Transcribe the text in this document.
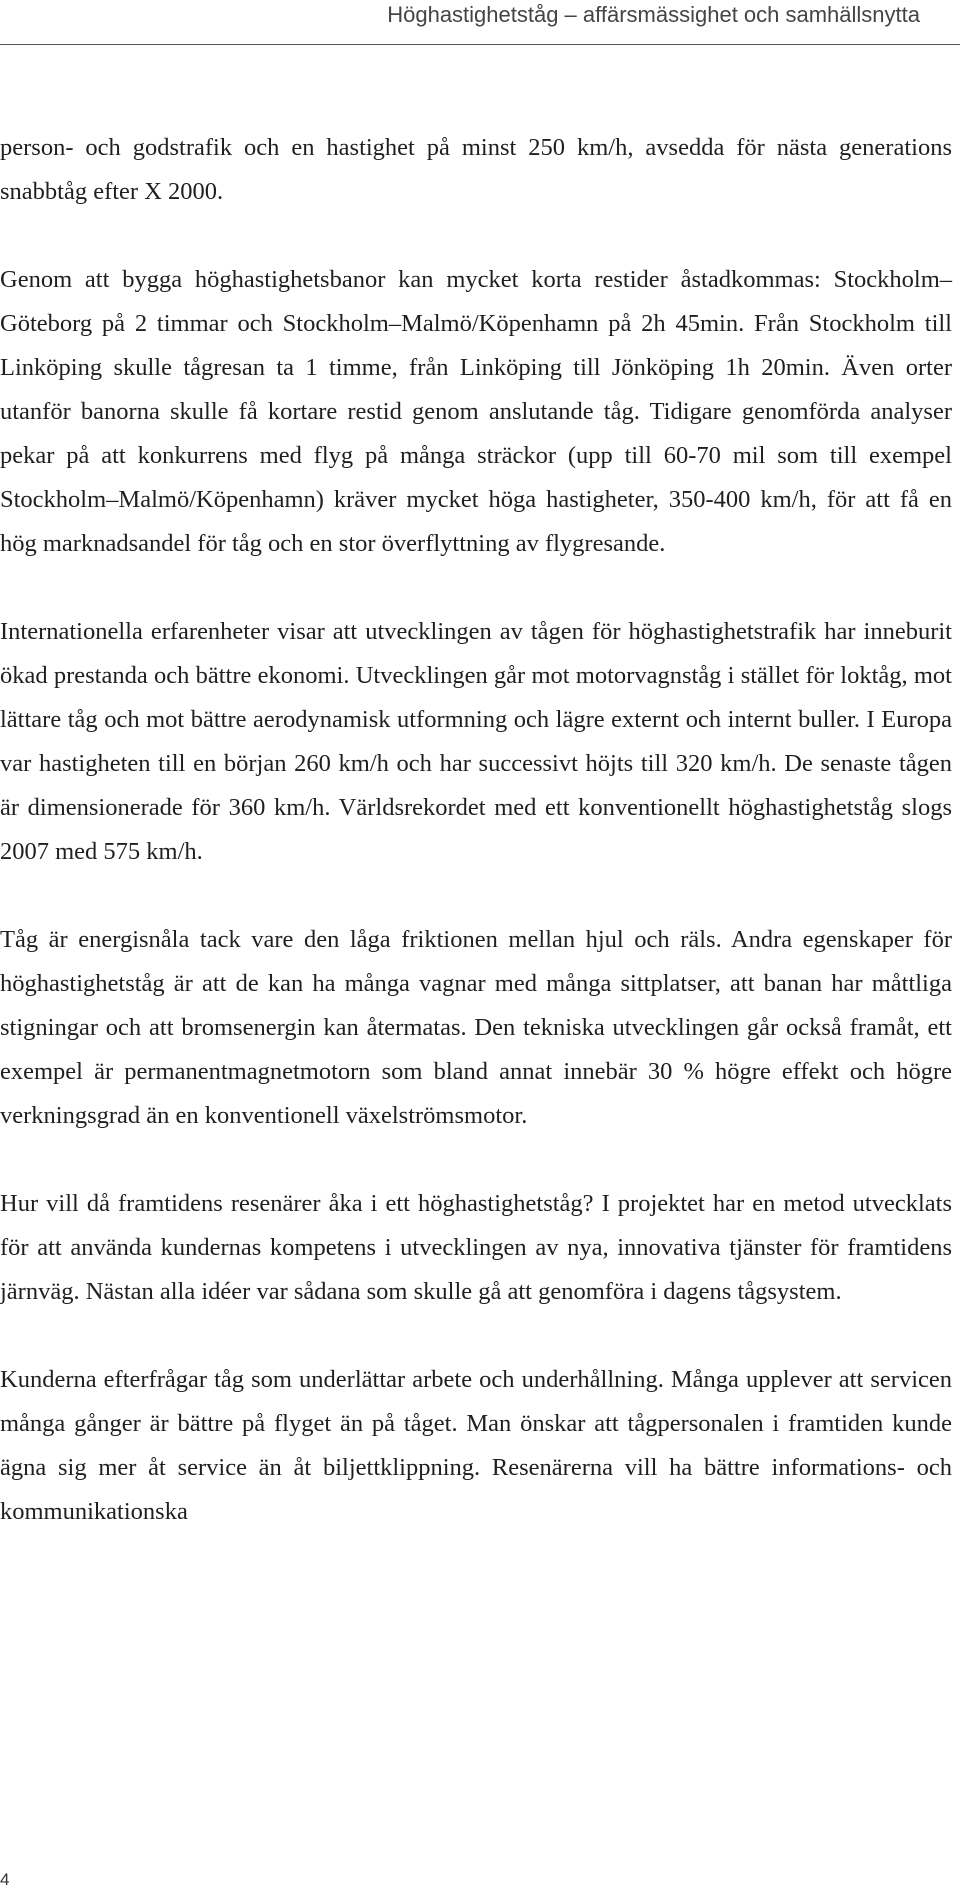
Höghastighetståg – affärsmässighet och samhällsnytta

person- och godstrafik och en hastighet på minst 250 km/h, avsedda för nästa generations snabbtåg efter X 2000.

Genom att bygga höghastighetsbanor kan mycket korta restider åstadkommas: Stockholm–Göteborg på 2 timmar och Stockholm–Malmö/Köpenhamn på 2h 45min. Från Stockholm till Linköping skulle tågresan ta 1 timme, från Linköping till Jönköping 1h 20min. Även orter utanför banorna skulle få kortare restid genom anslutande tåg. Tidigare genomförda analyser pekar på att konkurrens med flyg på många sträckor (upp till 60-70 mil som till exempel Stockholm–Malmö/Köpenhamn) kräver mycket höga hastigheter, 350-400 km/h, för att få en hög marknadsandel för tåg och en stor överflyttning av flygresande.

Internationella erfarenheter visar att utvecklingen av tågen för höghastighetstrafik har inneburit ökad prestanda och bättre ekonomi. Utvecklingen går mot motorvagnståg i stället för loktåg, mot lättare tåg och mot bättre aerodynamisk utformning och lägre externt och internt buller. I Europa var hastigheten till en början 260 km/h och har successivt höjts till 320 km/h. De senaste tågen är dimensionerade för 360 km/h. Världsrekordet med ett konventionellt höghastighetståg slogs 2007 med 575 km/h.

Tåg är energisnåla tack vare den låga friktionen mellan hjul och räls. Andra egenskaper för höghastighetståg är att de kan ha många vagnar med många sittplatser, att banan har måttliga stigningar och att bromsenergin kan återmatas. Den tekniska utvecklingen går också framåt, ett exempel är permanentmagnetmotorn som bland annat innebär 30 % högre effekt och högre verkningsgrad än en konventionell växelströmsmotor.

Hur vill då framtidens resenärer åka i ett höghastighetståg? I projektet har en metod utvecklats för att använda kundernas kompetens i utvecklingen av nya, innovativa tjänster för framtidens järnväg. Nästan alla idéer var sådana som skulle gå att genomföra i dagens tågsystem.

Kunderna efterfrågar tåg som underlättar arbete och underhållning. Många upplever att servicen många gånger är bättre på flyget än på tåget. Man önskar att tågpersonalen i framtiden kunde ägna sig mer åt service än åt biljettklippning. Resenärerna vill ha bättre informations- och kommunikationska

4
